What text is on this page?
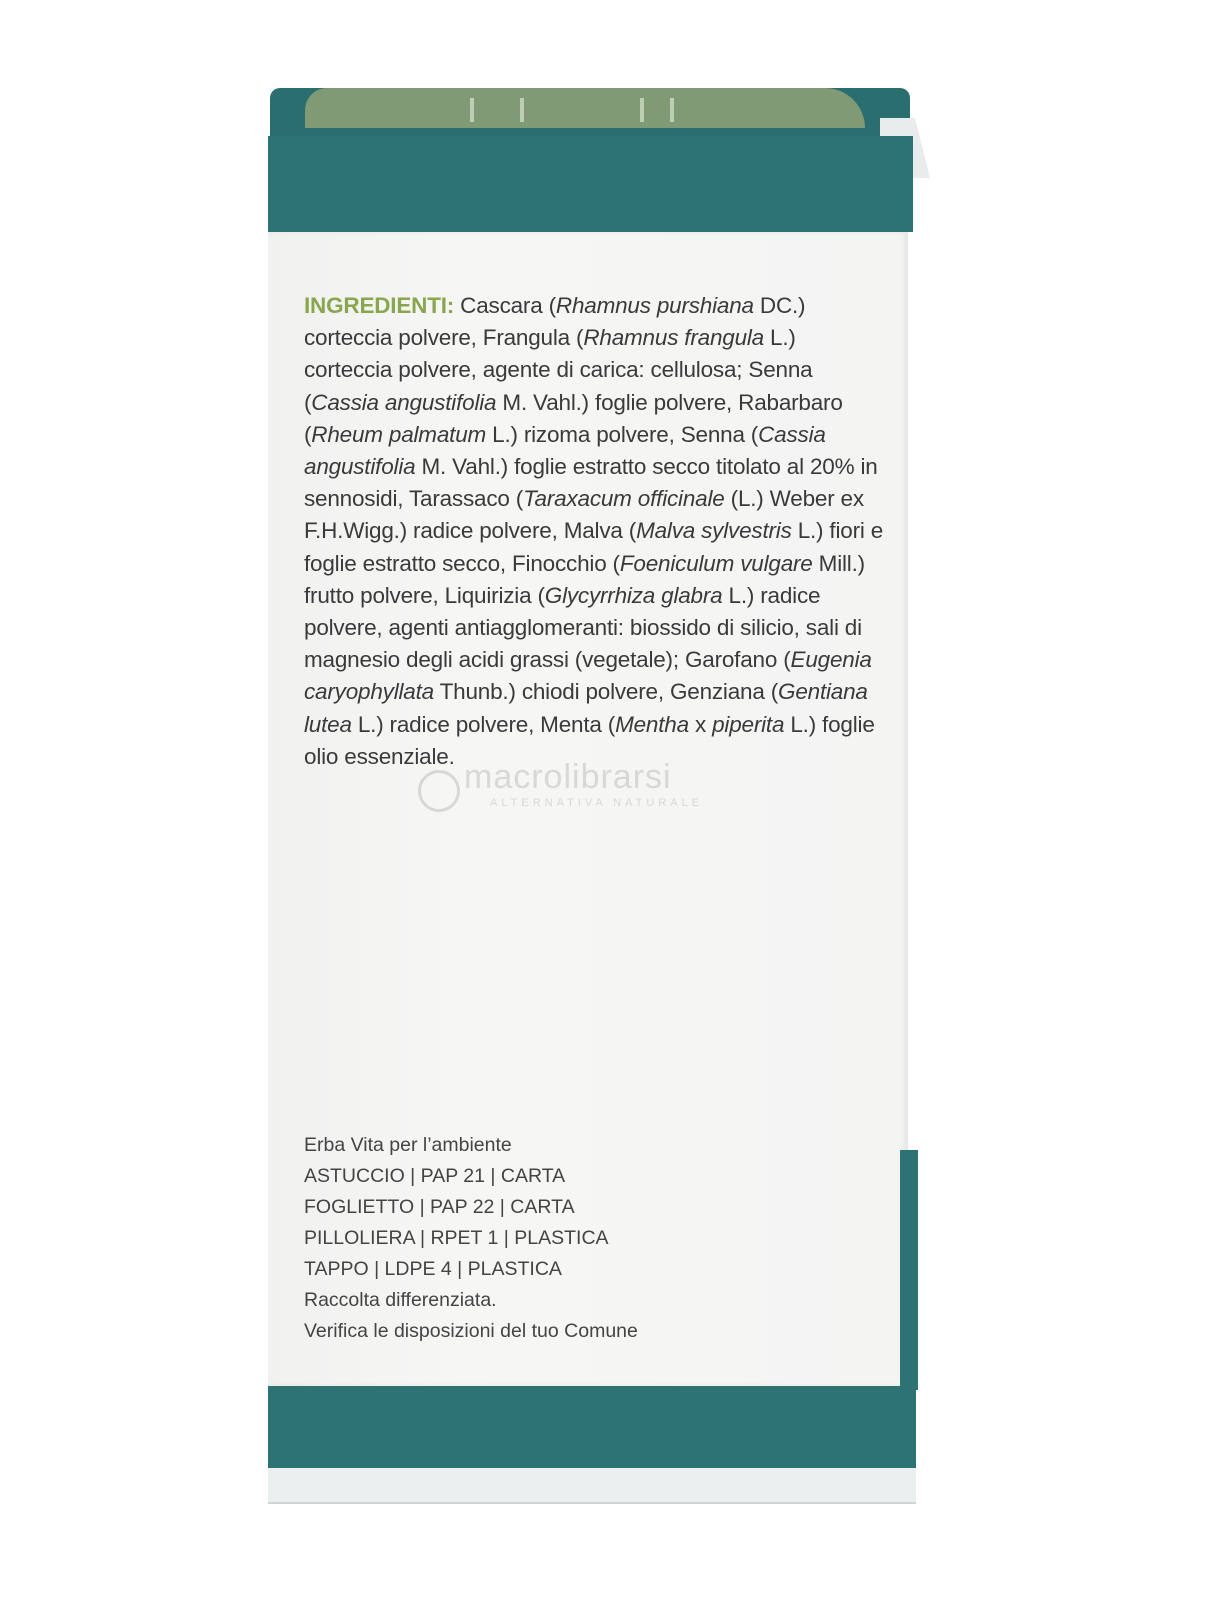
INGREDIENTI: Cascara (Rhamnus purshiana DC.) corteccia polvere, Frangula (Rhamnus frangula L.) corteccia polvere, agente di carica: cellulosa; Senna (Cassia angustifolia M. Vahl.) foglie polvere, Rabarbaro (Rheum palmatum L.) rizoma polvere, Senna (Cassia angustifolia M. Vahl.) foglie estratto secco titolato al 20% in sennosidi, Tarassaco (Taraxacum officinale (L.) Weber ex F.H.Wigg.) radice polvere, Malva (Malva sylvestris L.) fiori e foglie estratto secco, Finocchio (Foeniculum vulgare Mill.) frutto polvere, Liquirizia (Glycyrrhiza glabra L.) radice polvere, agenti antiagglomeranti: biossido di silicio, sali di magnesio degli acidi grassi (vegetale); Garofano (Eugenia caryophyllata Thunb.) chiodi polvere, Genziana (Gentiana lutea L.) radice polvere, Menta (Mentha x piperita L.) foglie olio essenziale.
macrolibrarsi
ALTERNATIVA NATURALE
Erba Vita per l’ambiente
ASTUCCIO | PAP 21 | CARTA
FOGLIETTO | PAP 22 | CARTA
PILLOLIERA | RPET 1 | PLASTICA
TAPPO | LDPE 4 | PLASTICA
Raccolta differenziata.
Verifica le disposizioni del tuo Comune
